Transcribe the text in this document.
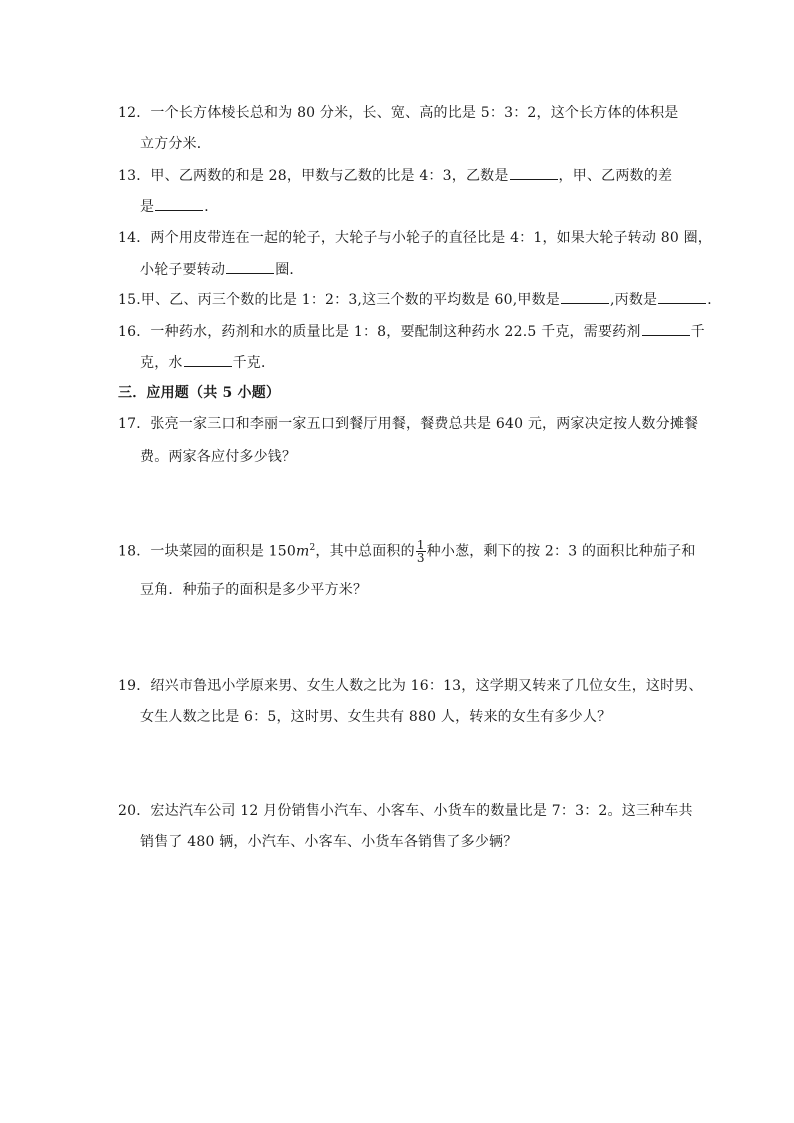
12．一个长方体棱长总和为 80 分米，长、宽、高的比是 5：3：2，这个长方体的体积是
立方分米．
13．甲、乙两数的和是 28，甲数与乙数的比是 4：3，乙数是	，甲、乙两数的差
是	．
14．两个用皮带连在一起的轮子，大轮子与小轮子的直径比是 4：1，如果大轮子转动 80 圈，
小轮子要转动	圈．
15.甲、乙、丙三个数的比是 1：2：3,这三个数的平均数是 60,甲数是	,丙数是	．
16．一种药水，药剂和水的质量比是 1：8，要配制这种药水 22.5 千克，需要药剂	千
克，水	千克．
三．应用题（共 5 小题）
17．张亮一家三口和李丽一家五口到餐厅用餐，餐费总共是 640 元，两家决定按人数分摊餐
费。两家各应付多少钱？
18．一块菜园的面积是 $150m^2$，其中总面积的 $\frac{1}{3}$ 种小葱，剩下的按 2：3 的面积比种茄子和
豆角．种茄子的面积是多少平方米？
19．绍兴市鲁迅小学原来男、女生人数之比为 16：13，这学期又转来了几位女生，这时男、
女生人数之比是 6：5，这时男、女生共有 880 人，转来的女生有多少人？
20．宏达汽车公司 12 月份销售小汽车、小客车、小货车的数量比是 7：3：2。这三种车共
销售了 480 辆，小汽车、小客车、小货车各销售了多少辆？
